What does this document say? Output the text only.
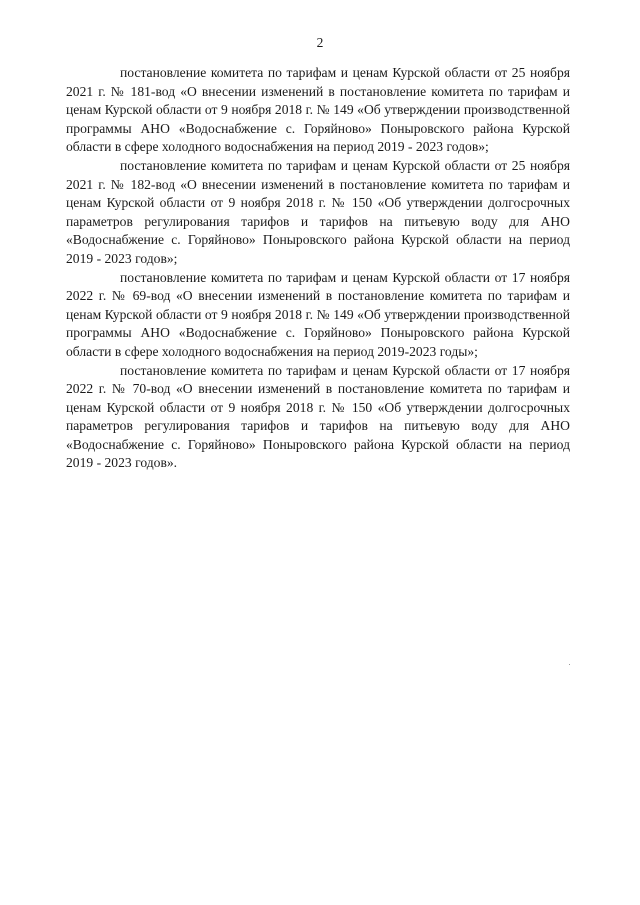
2

постановление комитета по тарифам и ценам Курской области от 25 ноября 2021 г. № 181-вод «О внесении изменений в постановление комитета по тарифам и ценам Курской области от 9 ноября 2018 г. № 149 «Об утверждении производственной программы АНО «Водоснабжение с. Горяйново» Поныровского района Курской области в сфере холодного водоснабжения на период 2019 - 2023 годов»;

постановление комитета по тарифам и ценам Курской области от 25 ноября 2021 г. № 182-вод «О внесении изменений в постановление комитета по тарифам и ценам Курской области от 9 ноября 2018 г. № 150 «Об утверждении долгосрочных параметров регулирования тарифов и тарифов на питьевую воду для АНО «Водоснабжение с. Горяйново» Поныровского района Курской области на период 2019 - 2023 годов»;

постановление комитета по тарифам и ценам Курской области от 17 ноября 2022 г. № 69-вод «О внесении изменений в постановление комитета по тарифам и ценам Курской области от 9 ноября 2018 г. № 149 «Об утверждении производственной программы АНО «Водоснабжение с. Горяйново» Поныровского района Курской области в сфере холодного водоснабжения на период 2019-2023 годы»;

постановление комитета по тарифам и ценам Курской области от 17 ноября 2022 г. № 70-вод «О внесении изменений в постановление комитета по тарифам и ценам Курской области от 9 ноября 2018 г. № 150 «Об утверждении долгосрочных параметров регулирования тарифов и тарифов на питьевую воду для АНО «Водоснабжение с. Горяйново» Поныровского района Курской области на период 2019 - 2023 годов».
